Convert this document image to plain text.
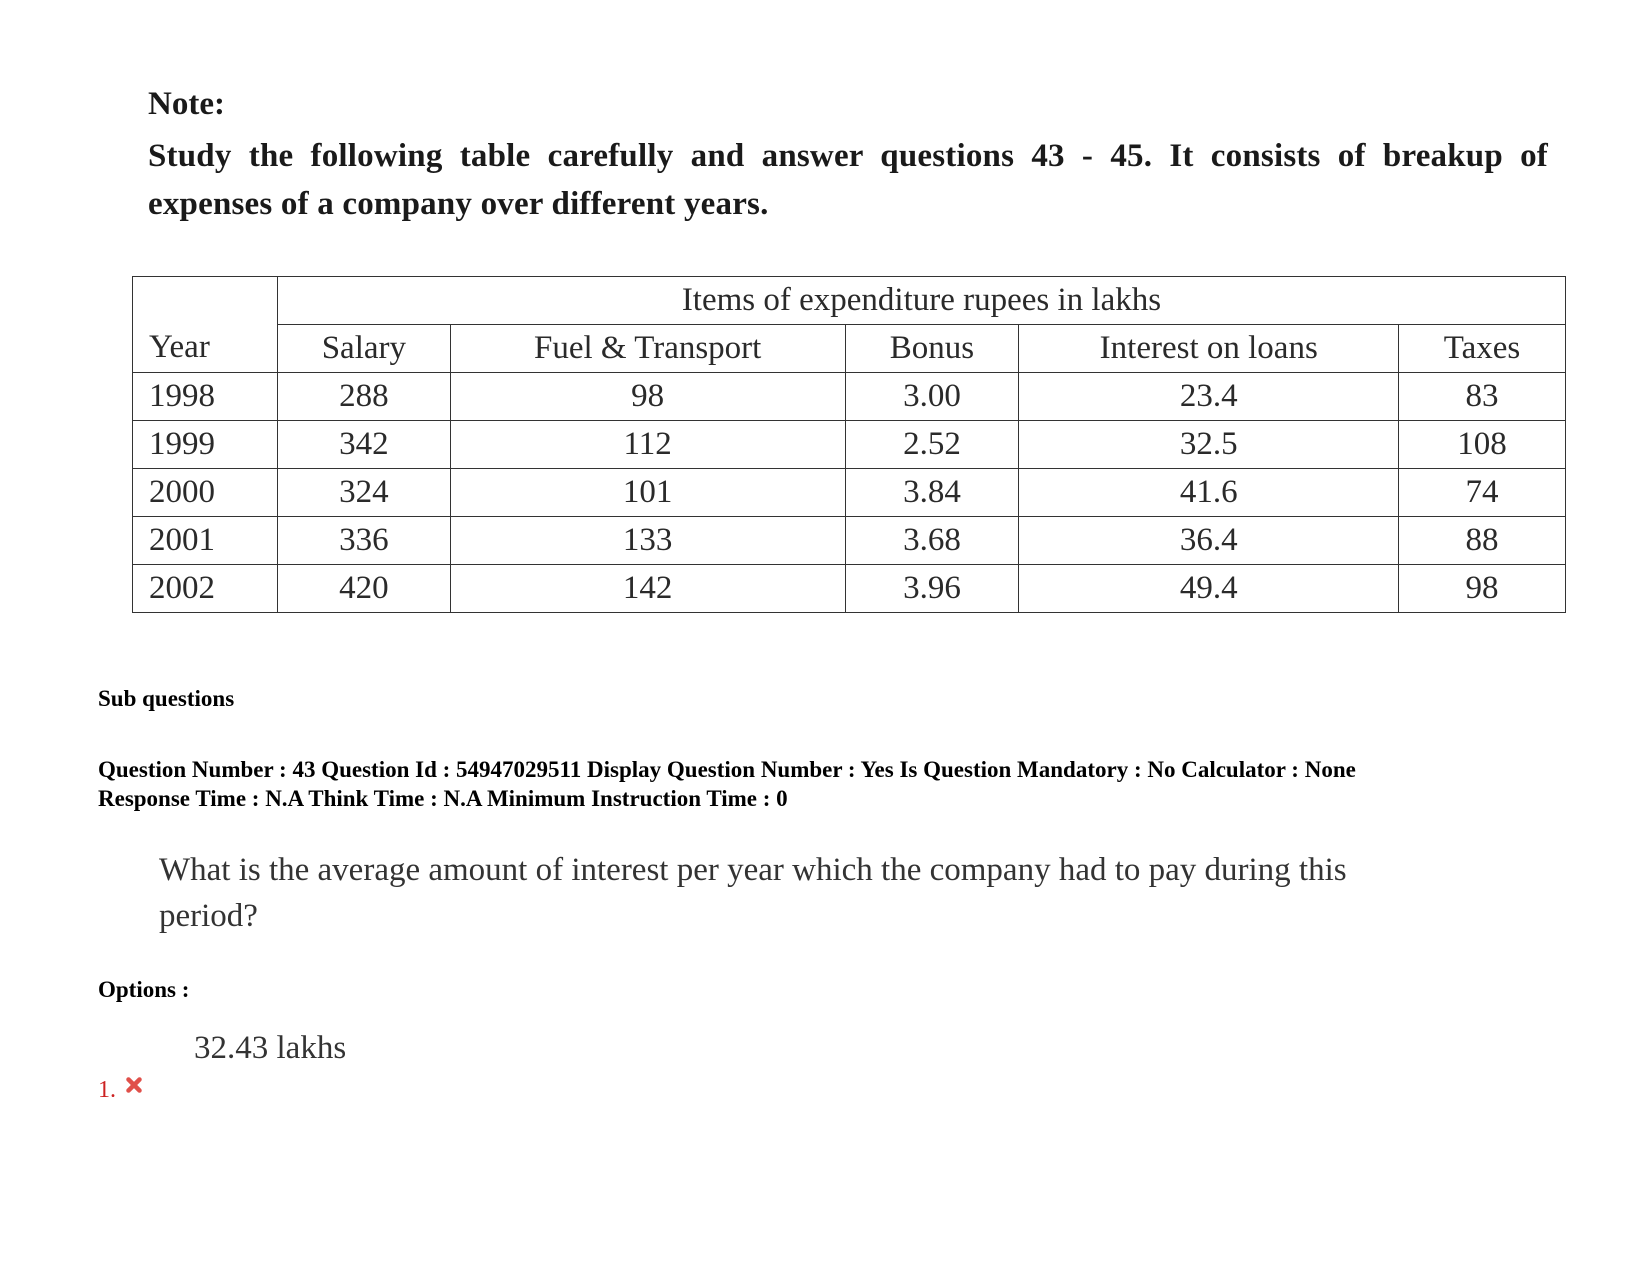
Note:
Study the following table carefully and answer questions 43 - 45. It consists of breakup of expenses of a company over different years.
Year	Items of expenditure rupees in lakhs				
	Salary	Fuel & Transport	Bonus	Interest on loans	Taxes
1998	288	98	3.00	23.4	83
1999	342	112	2.52	32.5	108
2000	324	101	3.84	41.6	74
2001	336	133	3.68	36.4	88
2002	420	142	3.96	49.4	98
Sub questions
Question Number : 43 Question Id : 54947029511 Display Question Number : Yes Is Question Mandatory : No Calculator : None
Response Time : N.A Think Time : N.A Minimum Instruction Time : 0
What is the average amount of interest per year which the company had to pay during this period?
Options :
32.43 lakhs
1.
